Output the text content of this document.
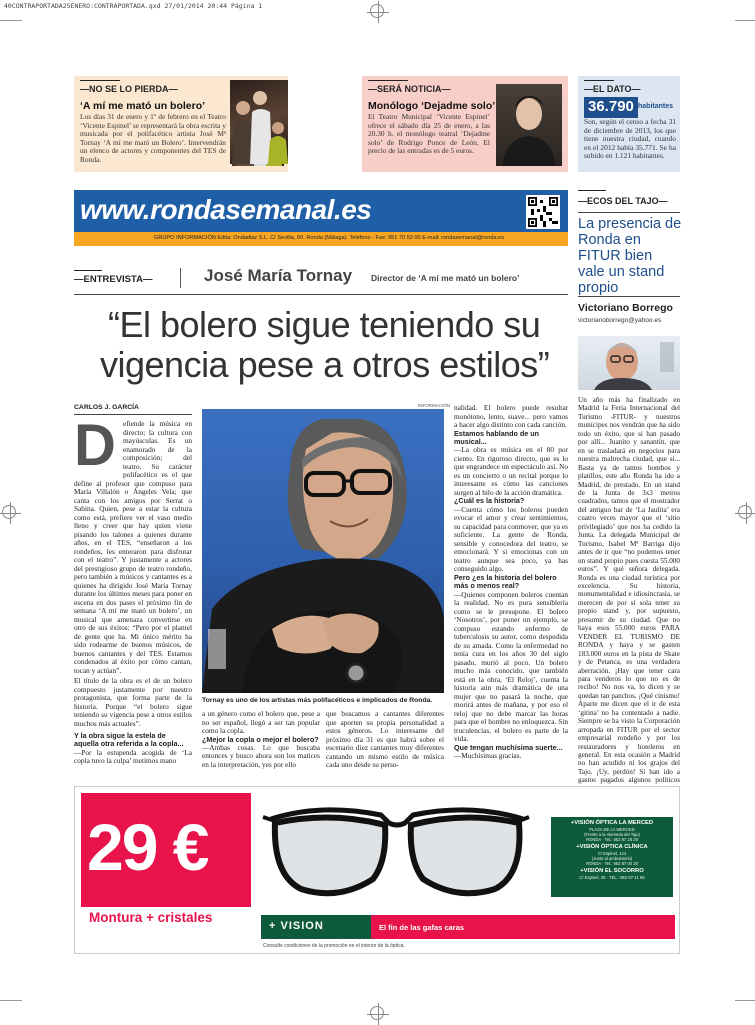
40CONTRAPORTADA25ENERO:CONTRAPORTADA.qxd 27/01/2014 20:44 Página 1
—NO SE LO PIERDA—
‘A mí me mató un bolero’
Los días 31 de enero y 1º de febrero en el Teatro ‘Vicente Espinel’ se representará la obra escrita y musicada por el polifacético artista José Mª Tornay ‘A mí me mató un Bolero’. Intervendrán un elenco de actores y componentes del TES de Ronda.
—SERÁ NOTICIA—
Monólogo ‘Dejadme solo’
El Teatro Municipal ‘Vicente Espinel’ ofrece el sábado día 25 de enero, a las 20.30 h. el monólogo teatral ‘Dejadme solo’ de Rodrigo Ponce de León. El precio de las entradas es de 5 euros.
—EL DATO—
36.790 habitantes
Son, según el censo a fecha 31 de diciembre de 2013, los que tiene nuestra ciudad, cuando en el 2012 había 35.771. Se ha subido en 1.121 habitantes.
www.rondasemanal.es
GRUPO INFORMACIÓN Edita: Ondadiaz S.L. C/ Sevilla, 60. Ronda (Málaga). Teléfono - Fax: 951 70 52 00 E-mail: rondasemanal@ronda.es
—ENTREVISTA—	José María Tornay Director de ‘A mí me mató un bolero’
“El bolero sigue teniendo su
vigencia pese a otros estilos”
CARLOS J. GARCÍA
D efiende la música en directo; la cultura con mayúsculas. Es un enamorado de la composición; del teatro. Su carácter polifacético es el que define al profesor que compuso para María Villalón o Ángeles Vela; que canta con los amigos por Serrat o Sabina. Quien, pese a estar la cultura como está, prefiere ver el vaso medio lleno y creer que hay quien viene pisando los talones a quienes durante años, en el TES, “enseñaron a los rondeños, les enteraron para disfrutar con el teatro”. Y justamente a actores del prestigioso grupo de teatro rondeño, pero también a músicos y cantantes es a quienes ha dirigido José María Tornay durante los últimos meses para poner en escena en dos pases el próximo fin de semana ‘A mí me mató un bolero’, un musical que amenaza convertirse en otro de sus éxitos: “Pero por el plantel de gente que ha. Mi único mérito ha sido rodearme de buenos músicos, de buenos cantantes y del TES. Estamos condenados al éxito por cómo cantan, tocan y actúan”.
El título de la obra es el de un bolero compuesto justamente por nuestro protagonista, que forma parte de la historia. Porque “el bolero sigue teniendo su vigencia pese a otros estilos muchos más actuales”.
Y la obra sigue la estela de aquella otra referida a la copla...
—Por la estupenda acogida de ‘La copla tuvo la culpa’ metimos mano
INFORMACIÓN
Tornay es uno de los artistas más polifacéticos e implicados de Ronda.
a un género como el bolero que, pese a no ser español, llegó a ser tan popular como la copla.
¿Mejor la copla o mejor el bolero?
—Ambas cosas. Lo que buscaba entonces y busco ahora son los matices en la interpretación, yes por ello
que buscamos a cantantes diferentes que aporten su propia personalidad a estos géneros. Lo interesante del próximo día 31 es que habrá sobre el escenario diez cantantes muy diferentes cantando un mismo estilo de música cada uno desde su perso-
nalidad. El bolero puede resultar monótono, lento, suave... pero vamos a hacer algo distinto con cada canción.
Estamos hablando de un musical...
—La obra es música en el 80 por ciento. En riguroso directo, que es lo que engrandece un espectáculo así. No es un concierto o un recital porque lo interesante es cómo las canciones surgen al hilo de la acción dramática.
¿Cuál es la historia?
—Cuenta cómo los boleros pueden evocar el amor y crear sentimientos, su capacidad para conmover, que ya es suficiente. La gente de Ronda, sensible y conocedora del teatro, se emocionará. Y si emocionas con un teatro aunque sea poco, ya has conseguido algo.
Pero ¿es la historia del bolero más o menos real?
—Quienes componen boleros cuentan la realidad. No es pura sensiblería como se le presupone. El bolero ‘Nosotros’, por poner un ejemplo, se compuso estando enfermo de tuberculosis su autor, como despedida de su amada. Como la enfermedad no tenía cura en los años 30 del siglo pasado, murió al poco. Un bolero mucho más conocido, que también está en la obra, ‘El Reloj’, cuenta la historia aún más dramática de una mujer que no pasará la noche, que morirá antes de mañana, y por eso el reloj que no debe marcar las horas para que el hombre no enloquezca. Sin truculencias, el bolero es parte de la vida.
Que tengan muchísima suerte...
—Muchísimas gracias.
—ECOS DEL TAJO—
La presencia de Ronda en FITUR bien vale un stand propio
Victoriano Borrego
victorianoborrego@yahoo.es
Un año más ha finalizado en Madrid la Feria Internacional del Turismo -FITUR- y nuestros munícipes nos vendrán que ha sido todo un éxito, que si han pasado por allí... Juanito y sanantín, que en se trasladará en negocios para nuestra maltrecha ciudad, que si... Basta ya de tantos bombos y platillos, este año Ronda ha ido a Madrid, de prestado. En un stand de la Junta de 3x3 metros cuadrados, tamos que el mostrador del antiguo bar de ‘La Jaulita’ era cuatro veces mayor que el ‘sitio privilegiado’ que nos ha cedido la Junta. La delegada Municipal de Turismo, Isabel Mª Barriga dijo antes de ir que “no podemos tener un stand propio pues cuesta 55.000 euros”. Y qué señora delegada. Ronda es una ciudad turística por excelencia. Su historia, monumentalidad e idiosincrasia, se merecen de por sí sola tener su propio stand y, por supuesto, presumir de su ciudad. Que no haya esos 55.000 euros PARA VENDER EL TURISMO DE RONDA y haya y se gasten 183.000 euros en la pista de Skate y de Petanca, es una verdadera aberración. ¡Hay que tener cara para venderos lo que no es de recibo! No nos va, lo dicen y se quedan tan panchos. ¡Qué cinismo! Aparte me dicen que el ir de esta ‘gitina’ no ha contentado a nadie. Siempre se ha visto la Corporación arropada en FITUR por el sector empresarial rondeño y por los restauradores y hoteleros en general. En esta ocasión a Madrid no han acudido ni los grajos del Tajo. ¡Uy, perdón! Si han ido a gastos pagados algunos políticos
29 €
Montura + cristales
+VISIÓN ÓPTICA LA MERCED
PLAZA DE LA MERCED
(Frente a la Alameda del Tajo)
RONDA · Tel.: 952 87 28 28
+VISIÓN ÓPTICA CLÍNICA
C/ Espinel, 124
(Junto al ambulatorio)
RONDA · Tel.: 952 87 00 20
+VISIÓN EL SOCORRO
C/ Espinel, 28 · TEL.: 952 87 41 66
+ VISION	El fin de las gafas caras
Consulte condiciones de la promoción en el interior de la óptica.
